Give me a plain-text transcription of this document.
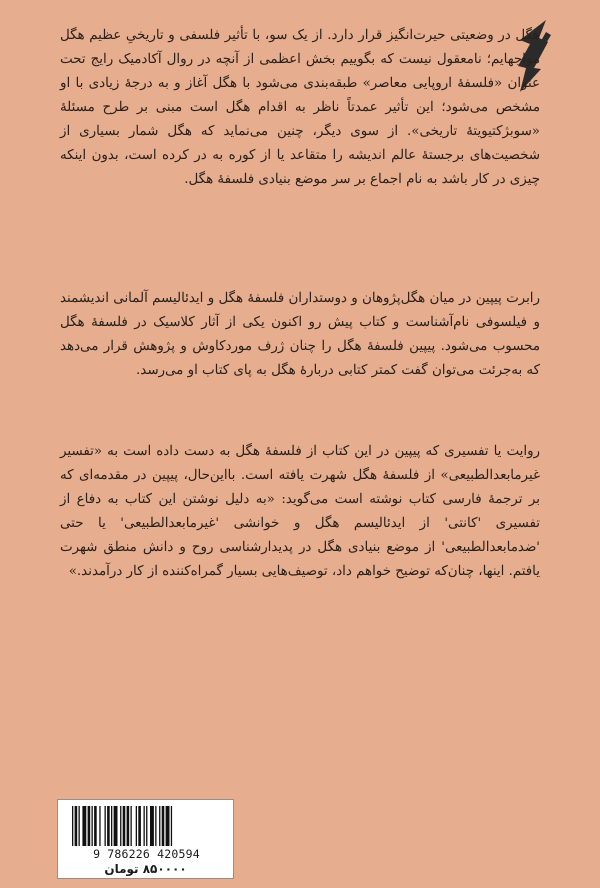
هگل در وضعیتی حیرت‌انگیز قرار دارد. از یک سو، با تأثیر فلسفی و تاریخیِ عظیم هگل مواجهایم؛ نامعقول نیست که بگوییم بخش اعظمی از آنچه در روال آکادمیک رایج تحت عنوان «فلسفهٔ اروپایی معاصر» طبقه‌بندی می‌شود با هگل آغاز و به درجهٔ زیادی با او مشخص می‌شود؛ این تأثیر عمدتاً ناظر به اقدام هگل است مبنی بر طرح مسئلهٔ «سوبژکتیویتهٔ تاریخی». از سوی دیگر، چنین می‌نماید که هگل شمار بسیاری از شخصیت‌های برجستهٔ عالم اندیشه را متقاعد یا از کوره به در کرده است، بدون اینکه چیزی در کار باشد به نام اجماع بر سر موضع بنیادی فلسفهٔ هگل.

رابرت پیپین در میان هگل‌پژوهان و دوستداران فلسفهٔ هگل و ایدئالیسم آلمانی اندیشمند و فیلسوفی نام‌آشناست و کتاب پیش رو اکنون یکی از آثار کلاسیک در فلسفهٔ هگل محسوب می‌شود. پیپین فلسفهٔ هگل را چنان ژرف موردکاوش و پژوهش قرار می‌دهد که به‌جرئت می‌توان گفت کمتر کتابی دربارهٔ هگل به پای کتاب او می‌رسد.

روایت یا تفسیری که پیپین در این کتاب از فلسفهٔ هگل به دست داده است به «تفسیر غیرمابعدالطبیعی» از فلسفهٔ هگل شهرت یافته است. بااین‌حال، پیپین در مقدمه‌ای که بر ترجمهٔ فارسی کتاب نوشته است می‌گوید: «به دلیل نوشتن این کتاب به دفاع از تفسیری 'کانتی' از ایدئالیسم هگل و خوانشی 'غیرمابعدالطبیعی' یا حتی 'ضدمابعدالطبیعی' از موضع بنیادی هگل در پدیدارشناسی روح و دانش منطق شهرت یافتم. اینها، چنان‌که توضیح خواهم داد، توصیف‌هایی بسیار گمراه‌کننده از کار درآمدند.»

9 786226 420594
۸۵۰۰۰۰ تومان
